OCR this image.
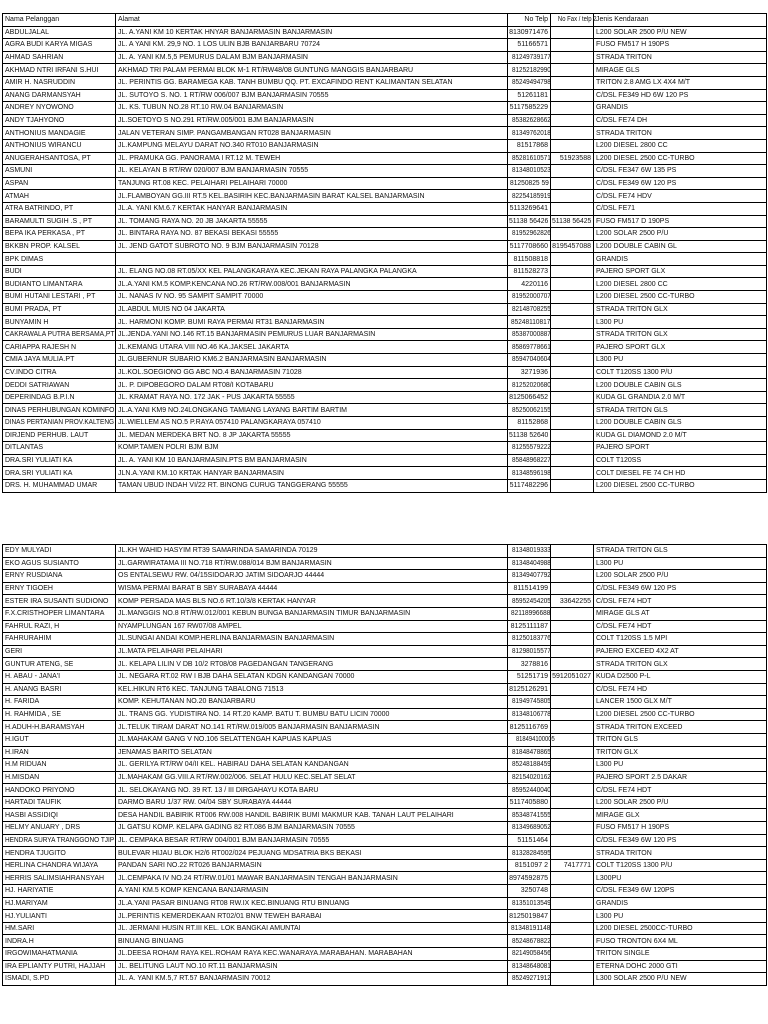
Nama Pelanggan	Alamat	No Telp	No Fax / telp 2	Jenis Kendaraan
ABDULJALAL	JL. A.YANI KM 10 KERTAK HNYAR BANJARMASIN BANJARMASIN	8130971476		L200 SOLAR 2500 P/U NEW
AGRA BUDI KARYA MIGAS	JL. A YANI KM. 29,9 NO. 1 LOS ULIN BJB BANJARBARU 70724	51166571		FUSO FM517 H 190PS
AHMAD SAHRIAN	JL. A. YANI KM.5,5 PEMURUS DALAM BJM BANJARMASIN	81249739177		STRADA TRITON
AKHMAD NTRI IRFANI S.HUI	AKHMAD TRI PALAM PERMAI BLOK M-1 RT/RW48/08 GUNTUNG MANGGIS BANJARBARU	81252182990		MIRAGE GLS
AMIR H. NASRUDDIN	JL. PERINTIS GG. BARAMEGA KAB. TANH BUMBU QQ. PT. EXCAFINDO RENT KALIMANTAN SELATAN	85249494798		TRITON 2.8 AMG LX 4X4 M/T
ANANG DARMANSYAH	JL. SUTOYO S. NO. 1 RT/RW 006/007 BJM BANJARMASIN 70555	51261181		C/DSL FE349 HD 6W 120 PS
ANDREY NYOWONO	JL. KS. TUBUN NO.28 RT.10 RW.04 BANJARMASIN	5117585229		GRANDIS
ANDY TJAHYONO	JL.SOETOYO S NO.291 RT/RW.005/001 BJM BANJARMASIN	85382628662		C/DSL FE74 DH
ANTHONIUS MANDAGIE	JALAN VETERAN SIMP. PANGAMBANGAN RT028 BANJARMASIN	81349762018		STRADA TRITON
ANTHONIUS WIRANCU	JL.KAMPUNG MELAYU DARAT NO.340 RT010 BANJARMASIN	81517868		L200 DIESEL 2800 CC
ANUGERAHSANTOSA, PT	JL. PRAMUKA GG. PANORAMA I RT.12 M. TEWEH	85281610571	51923588	L200 DIESEL 2500 CC-TURBO
ASMUNI	JL. KELAYAN B RT/RW 020/007 BJM BANJARMASIN 70555	81348010523		C/DSL FE347 6W 135 PS
ASPAN	TANJUNG RT.08 KEC. PELAIHARI PELAIHARI 70000	81250825 59		C/DSL FE349 6W 120 PS
ATMAH	JL.FLAMBOYAN GG.III RT.5 KEL.BASIRIH KEC.BANJARMASIN BARAT KALSEL BANJARMASIN	82254185919		C/DSL FE74 HDV
ATRA BATRINDO, PT	JL.A. YANI KM.6.7 KERTAK HANYAR BANJARMASIN	5113269641		C/DSL FE71
BARAMULTI SUGIH .S , PT	JL. TOMANG RAYA NO. 20 JB JAKARTA 55555	51138 56426	51138 56425	FUSO FM517 D 190PS
BEPA IKA PERKASA , PT	JL. BINTARA RAYA NO. 87 BEKASI BEKASI 55555	81952962826		L200 SOLAR 2500 P/U
BKKBN PROP. KALSEL	JL. JEND GATOT SUBROTO NO. 9 BJM BANJARMASIN 70128	5117708660	8195457088	L200 DOUBLE CABIN GL
BPK DIMAS		811508818		GRANDIS
BUDI	JL. ELANG NO.08 RT.05/XX KEL PALANGKARAYA KEC.JEKAN RAYA PALANGKA PALANGKA	811528273		PAJERO SPORT GLX
BUDIANTO LIMANTARA	JL.A.YANI KM.5 KOMP.KENCANA NO.26 RT/RW.008/001 BANJARMASIN	4220116		L200 DIESEL 2800 CC
BUMI HUTANI LESTARI , PT	JL. NANAS IV NO. 95 SAMPIT SAMPIT 70000	81952000707		L200 DIESEL 2500 CC-TURBO
BUMI PRADA, PT	JL.ABDUL MUIS NO 04 JAKARTA	82148708255		STRADA TRITON GLX
BUNYAMIN H	JL. HARMONI KOMP. BUMI RAYA PERMAI RT31 BANJARMASIN	85248110817		L300 PU
CAKRAWALA PUTRA BERSAMA,PT	JL.JENDA.YANI NO.146 RT.15 BANJARMASIN PEMURUS LUAR BANJARMASIN	85387000887		STRADA TRITON GLX
CARIAPPA RAJESH N	JL.KEMANG UTARA VIII NO.46 KA.JAKSEL JAKARTA	85869778661		PAJERO SPORT GLX
CMIA JAYA MULIA.PT	JL.GUBERNUR SUBARIO KM6.2 BANJARMASIN BANJARMASIN	85947040604		L300 PU
CV.INDO CITRA	JL.KOL.SOEGIONO GG ABC NO.4 BANJARMASIN 71028	3271936		COLT T120SS 1300 P/U
DEDDI SATRIAWAN	JL. P. DIPOBEGORO DALAM RT08/I KOTABARU	81252020680		L200 DOUBLE CABIN GLS
DEPERINDAG B.P.I.N	JL. KRAMAT RAYA NO. 172 JAK - PUS JAKARTA 55555	8125066452		KUDA GL GRANDIA 2.0 M/T
DINAS PERHUBUNGAN KOMINFO	JL.A.YANI KM9 NO.24LONGKANG TAMIANG LAYANG BARTIM BARTIM	85250062155		STRADA TRITON GLS
DINAS PERTANIAN PROV.KALTENG	JL.WIELLEM AS NO.5 P.RAYA 057410 PALANGKARAYA 057410	81152868		L200 DOUBLE CABIN GLS
DIRJEND PERHUB. LAUT	JL. MEDAN MERDEKA BRT NO. 8 JP JAKARTA 55555	51138 52640		KUDA GL DIAMOND 2.0 M/T
DITLANTAS	KOMP.TAMEN POLRI BJM BJM	81255579222		PAJERO SPORT
DRA.SRI YULIATI KA	JL. A. YANI KM 10 BANJARMASIN.PTS BM BANJARMASIN	85848968227		COLT T120SS
DRA.SRI YULIATI KA	JLN.A.YANI KM.10 KRTAK HANYAR BANJARMASIN	81348596198		COLT DIESEL FE 74 CH HD
DRS. H. MUHAMMAD UMAR	TAMAN UBUD INDAH VI/22 RT. BINONG CURUG TANGGERANG 55555	5117482296		L200 DIESEL 2500 CC-TURBO
EDY MULYADI	JL.KH WAHID HASYIM RT39 SAMARINDA SAMARINDA 70129	81348019333		STRADA TRITON GLS
EKO AGUS SUSIANTO	JL.GARWIRATAMA III NO.718 RT/RW.088/014 BJM BANJARMASIN	81348404988		L300 PU
ERNY RUSDIANA	OS ENTALSEWU RW. 04/15SIDOARJO JATIM SIDOARJO 44444	81349407792		L200 SOLAR 2500 P/U
ERNY TIGOEH	WISMA PERMAI BARAT B SBY SURABAYA 44444	811514199		C/DSL FE349 6W 120 PS
ESTER IRA SUSANTI SUDIONO	KOMP PERSADA MAS BLS NO.6 RT.10/3/8 KERTAK HANYAR	85952454205	33642255	C/DSL FE74 HDT
F.X.CRISTHOPER LIMANTARA	JL.MANGGIS NO.8 RT/RW.012/001 KEBUN BUNGA BANJARMASIN TIMUR BANJARMASIN	82118996688		MIRAGE GLS AT
FAHRUL RAZI, H	NYAMPLUNGAN 167 RW07/08 AMPEL	8125111187		C/DSL FE74 HDT
FAHRURAHIM	JL.SUNGAI ANDAI KOMP.HERLINA BANJARMASIN BANJARMASIN	81250183776		COLT T120SS 1.5 MPI
GERI	JL.MATA PELAIHARI PELAIHARI	81298015577		PAJERO EXCEED 4X2 AT
GUNTUR ATENG, SE	JL. KELAPA LILIN V DB 10/2 RT08/08 PAGEDANGAN TANGERANG	3278816		STRADA TRITON GLX
H. ABAU - JANA'I	JL. NEGARA RT.02 RW I BJB DAHA SELATAN KDGN KANDANGAN 70000	51251719	5912051027	KUDA D2500 P-L
H. ANANG BASRI	KEL.HIKUN RT6 KEC. TANJUNG TABALONG 71513	8125126291		C/DSL FE74 HD
H. FARIDA	KOMP. KEHUTANAN NO.20 BANJARBARU	81949745805		LANCER 1500 GLX M/T
H. RAHMIDA , SE	JL. TRANS GG. YUDISTIRA NO. 14 RT.20 KAMP. BATU T. BUMBU BATU LICIN 70000	81348106778		L200 DIESEL 2500 CC-TURBO
H.ADUH-H.BARAMSYAH	JL.TELUK TIRAM DARAT NO.141 RT/RW.019/005 BANJARMASIN BANJARMASIN	8125116769		STRADA TRITON EXCEED
H.IGUT	JL.MAHAKAM GANG V NO.106 SELATTENGAH KAPUAS KAPUAS	818494100005		TRITON GLS
H.IRAN	JENAMAS BARITO SELATAN	81848478865		TRITON GLX
H.M RIDUAN	JL. GERILYA RT/RW 04/II KEL. HABIRAU DAHA SELATAN KANDANGAN	85248188459		L300 PU
H.MISDAN	JL.MAHAKAM GG.VIII.A RT/RW.002/006. SELAT HULU KEC.SELAT SELAT	82154020162		PAJERO SPORT 2.5 DAKAR
HANDOKO PRIYONO	JL. SELOKAYANG NO. 39 RT. 13 / III DIRGAHAYU KOTA BARU	85952440040		C/DSL FE74 HDT
HARTADI TAUFIK	DARMO BARU 1/37 RW. 04/04 SBY SURABAYA 44444	5117405880		L200 SOLAR 2500 P/U
HASBI ASSIDIQI	DESA HANDIL BABIRIK RT006 RW.008 HANDIL BABIRIK BUMI MAKMUR KAB. TANAH LAUT PELAIHARI	85348741555		MIRAGE GLX
HELMY ANUARY , DRS	JL GATSU KOMP. KELAPA GADING 82 RT.086 BJM BANJARMASIN 70555	81349689052		FUSO FM517 H 190PS
HENDRA SURYA TRANGGONO TJIP	JL. CEMPAKA BESAR RT/RW 004/001 BJM BANJARMASIN 70555	51151464		C/DSL FE349 6W 120 PS
HENDRA TJUGITO	BULEVAR HIJAU BLOK H2/6 RT002/024 PEJUANG MDSATRIA BKS BEKASI	81328284595		STRADA TRITON
HERLINA CHANDRA WIJAYA	PANDAN SARI NO.22 RT026 BANJARMASIN	8151097 2	7417771	COLT T120SS 1300 P/U
HERRIS SALIMSIAHRANSYAH	JL.CEMPAKA IV NO.24 RT/RW.01/01 MAWAR BANJARMASIN TENGAH BANJARMASIN	8974592875		L300PU
HJ. HARIYATIE	A.YANI KM.5 KOMP KENCANA BANJARMASIN	3250748		C/DSL FE349 6W 120PS
HJ.MARIYAM	JL.A.YANI PASAR BINUANG RT08 RW.IX KEC.BINUANG RTU BINUANG	81351013549		GRANDIS
HJ.YULIANTI	JL.PERINTIS KEMERDEKAAN RT02/01 BNW TEWEH BARABAI	8125019847		L300 PU
HM.SARI	JL. JERMANI HUSIN RT.III KEL. LOK BANGKAI AMUNTAI	81348191148		L200 DIESEL 2500CC-TURBO
INDRA.H	BINUANG BINUANG	85248678822		FUSO TRONTON 6X4 ML
IRGOWIMAHATMANIA	JL.DEESA ROHAM RAYA KEL.ROHAM RAYA KEC.WANARAYA.MARABAHAN. MARABAHAN	82149058456		TRITON SINGLE
IRA EPLIANTY PUTRI, HAJJAH	JL. BELITUNG LAUT NO.10 RT.11 BANJARMASIN	81348648081		ETERNA DOHC 2000 GTI
ISMADI, S.PD	JL. A. YANI KM.5,7 RT.57 BANJARMASIN 70012	85249271912		L300 SOLAR 2500 P/U NEW
